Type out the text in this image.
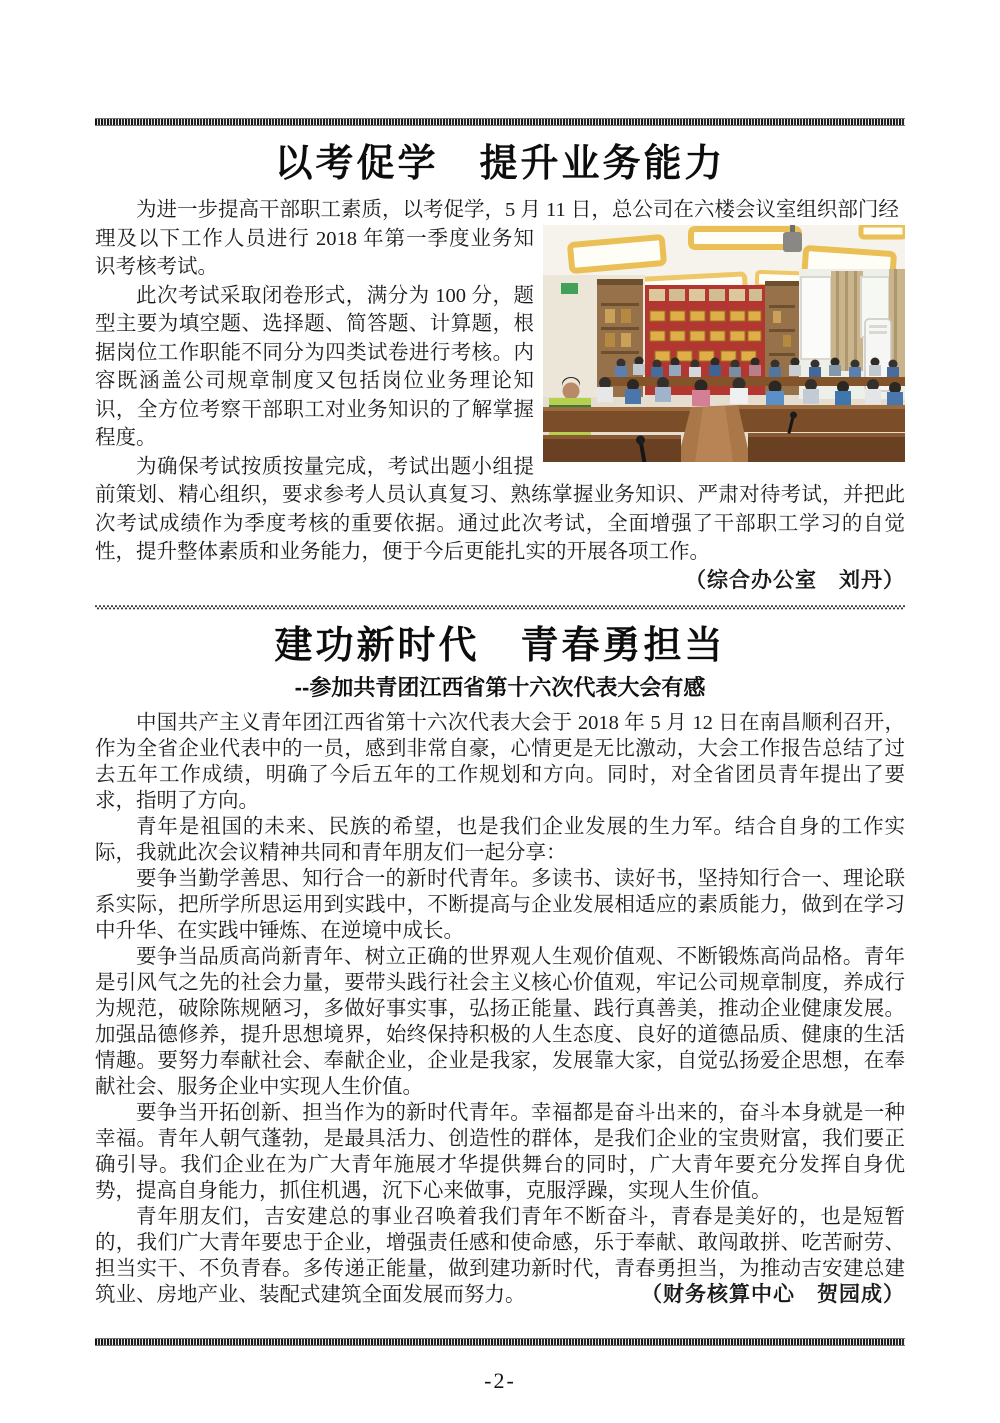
以考促学　提升业务能力

为进一步提高干部职工素质，以考促学，5 月 11 日，总公司在六楼会议室组织部门经

理及以下工作人员进行 2018 年第一季度业务知识考核考试。

此次考试采取闭卷形式，满分为 100 分，题型主要为填空题、选择题、简答题、计算题，根据岗位工作职能不同分为四类试卷进行考核。内容既涵盖公司规章制度又包括岗位业务理论知识，全方位考察干部职工对业务知识的了解掌握程度。

为确保考试按质按量完成，考试出题小组提前策划、精心组织，要求参考人员认真复习、熟练掌握业务知识、严肃对待考试，并把此次考试成绩作为季度考核的重要依据。通过此次考试，全面增强了干部职工学习的自觉性，提升整体素质和业务能力，便于今后更能扎实的开展各项工作。
（综合办公室　刘丹）

建功新时代　青春勇担当
--参加共青团江西省第十六次代表大会有感

中国共产主义青年团江西省第十六次代表大会于 2018 年 5 月 12 日在南昌顺利召开，作为全省企业代表中的一员，感到非常自豪，心情更是无比激动，大会工作报告总结了过去五年工作成绩，明确了今后五年的工作规划和方向。同时，对全省团员青年提出了要求，指明了方向。

青年是祖国的未来、民族的希望，也是我们企业发展的生力军。结合自身的工作实际，我就此次会议精神共同和青年朋友们一起分享：

要争当勤学善思、知行合一的新时代青年。多读书、读好书，坚持知行合一、理论联系实际，把所学所思运用到实践中，不断提高与企业发展相适应的素质能力，做到在学习中升华、在实践中锤炼、在逆境中成长。

要争当品质高尚新青年、树立正确的世界观人生观价值观、不断锻炼高尚品格。青年是引风气之先的社会力量，要带头践行社会主义核心价值观，牢记公司规章制度，养成行为规范，破除陈规陋习，多做好事实事，弘扬正能量、践行真善美，推动企业健康发展。加强品德修养，提升思想境界，始终保持积极的人生态度、良好的道德品质、健康的生活情趣。要努力奉献社会、奉献企业，企业是我家，发展靠大家，自觉弘扬爱企思想，在奉献社会、服务企业中实现人生价值。

要争当开拓创新、担当作为的新时代青年。幸福都是奋斗出来的，奋斗本身就是一种幸福。青年人朝气蓬勃，是最具活力、创造性的群体，是我们企业的宝贵财富，我们要正确引导。我们企业在为广大青年施展才华提供舞台的同时，广大青年要充分发挥自身优势，提高自身能力，抓住机遇，沉下心来做事，克服浮躁，实现人生价值。

青年朋友们，吉安建总的事业召唤着我们青年不断奋斗，青春是美好的，也是短暂的，我们广大青年要忠于企业，增强责任感和使命感，乐于奉献、敢闯敢拼、吃苦耐劳、担当实干、不负青春。多传递正能量，做到建功新时代，青春勇担当，为推动吉安建总建筑业、房地产业、装配式建筑全面发展而努力。	（财务核算中心　贺园成）

-2-
